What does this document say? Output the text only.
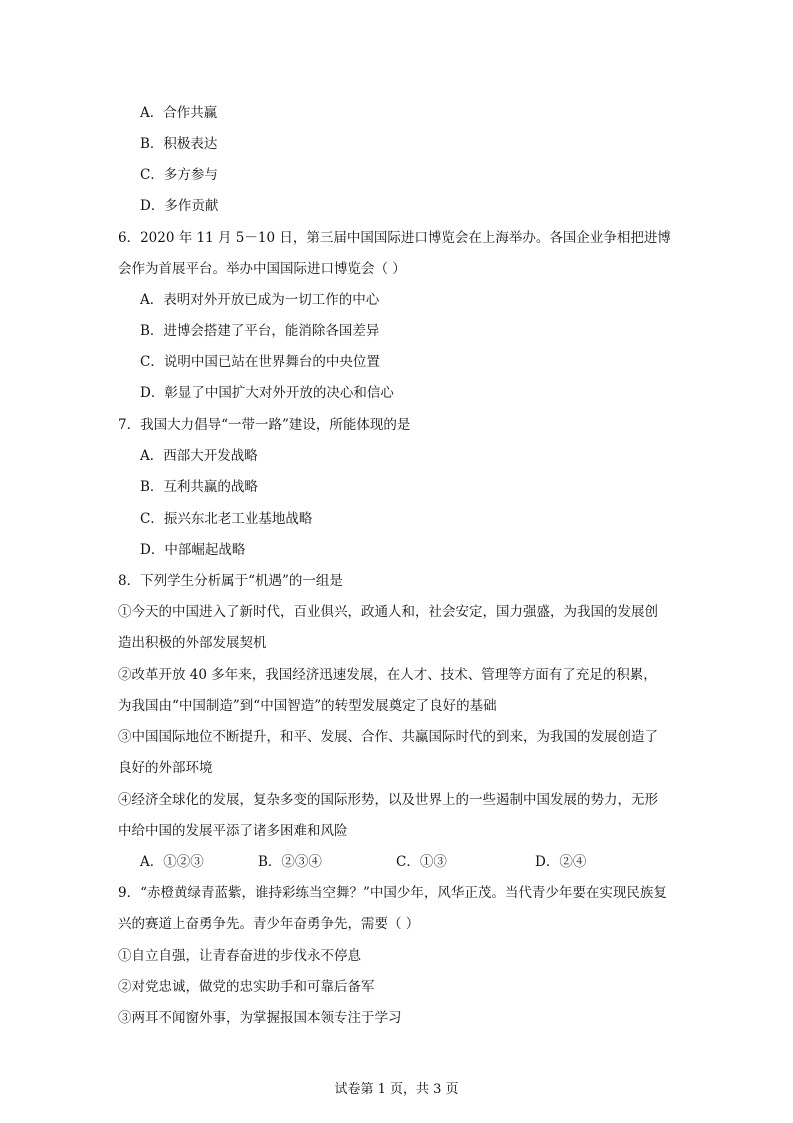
A．合作共赢
B．积极表达
C．多方参与
D．多作贡献
6．2020 年 11 月 5－10 日，第三届中国国际进口博览会在上海举办。各国企业争相把进博
会作为首展平台。举办中国国际进口博览会（ ）
A．表明对外开放已成为一切工作的中心
B．进博会搭建了平台，能消除各国差异
C．说明中国已站在世界舞台的中央位置
D．彰显了中国扩大对外开放的决心和信心
7．我国大力倡导“一带一路”建设，所能体现的是
A．西部大开发战略
B．互利共赢的战略
C．振兴东北老工业基地战略
D．中部崛起战略
8．下列学生分析属于“机遇”的一组是
①今天的中国进入了新时代，百业俱兴，政通人和，社会安定，国力强盛，为我国的发展创
造出积极的外部发展契机
②改革开放 40 多年来，我国经济迅速发展，在人才、技术、管理等方面有了充足的积累，
为我国由“中国制造”到“中国智造”的转型发展奠定了良好的基础
③中国国际地位不断提升，和平、发展、合作、共赢国际时代的到来，为我国的发展创造了
良好的外部环境
④经济全球化的发展，复杂多变的国际形势，以及世界上的一些遏制中国发展的势力，无形
中给中国的发展平添了诸多困难和风险
A．①②③	B．②③④	C．①③	D．②④
9．“赤橙黄绿青蓝紫，谁持彩练当空舞？”中国少年，风华正茂。当代青少年要在实现民族复
兴的赛道上奋勇争先。青少年奋勇争先，需要（ ）
①自立自强，让青春奋进的步伐永不停息
②对党忠诚，做党的忠实助手和可靠后备军
③两耳不闻窗外事，为掌握报国本领专注于学习
试卷第 1 页，共 3 页
